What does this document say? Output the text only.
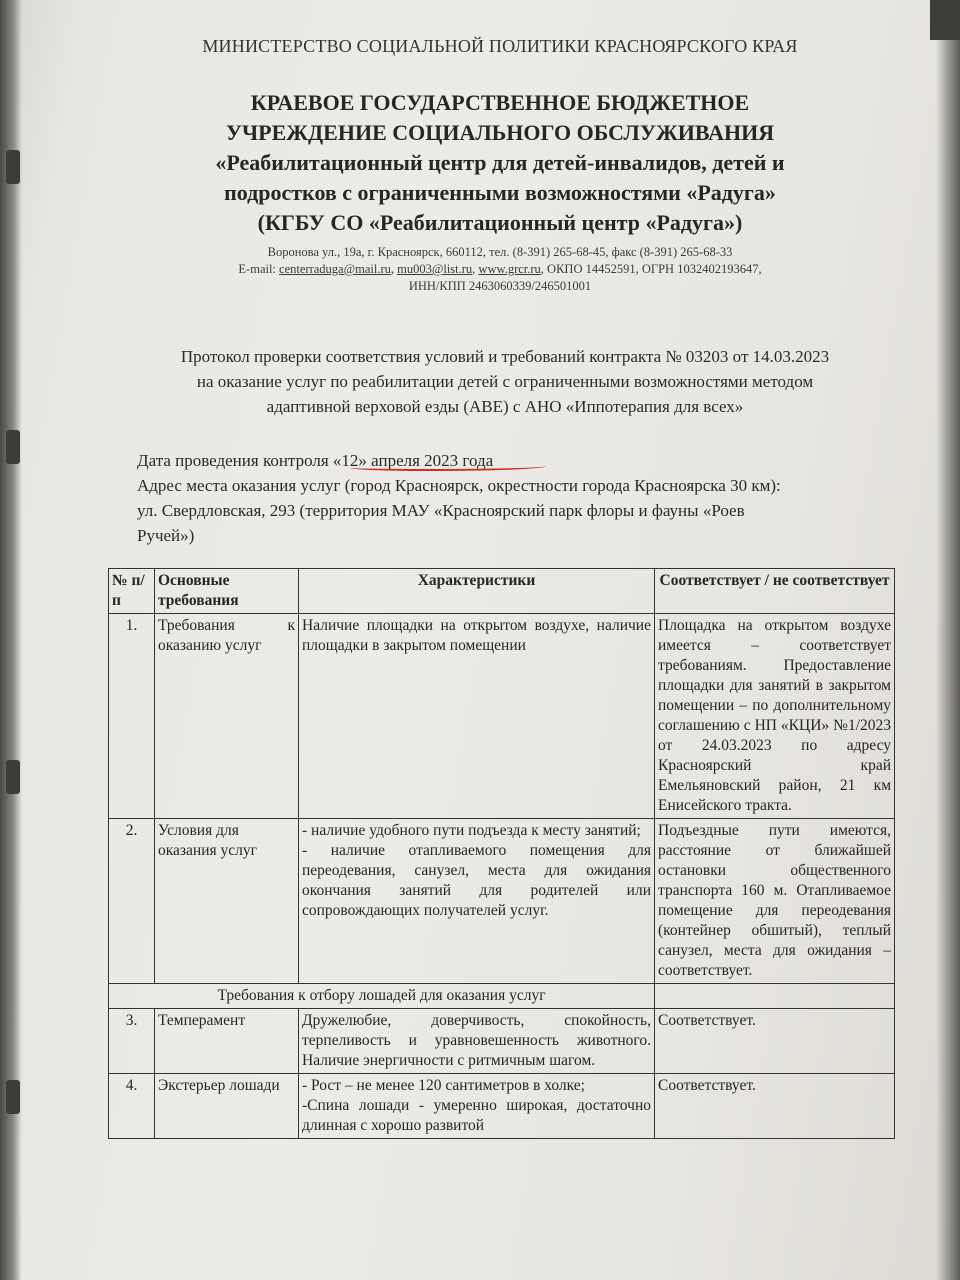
МИНИСТЕРСТВО СОЦИАЛЬНОЙ ПОЛИТИКИ КРАСНОЯРСКОГО КРАЯ
КРАЕВОЕ ГОСУДАРСТВЕННОЕ БЮДЖЕТНОЕ
УЧРЕЖДЕНИЕ СОЦИАЛЬНОГО ОБСЛУЖИВАНИЯ
«Реабилитационный центр для детей-инвалидов, детей и
подростков с ограниченными возможностями «Радуга»
(КГБУ СО «Реабилитационный центр «Радуга»)
Воронова ул., 19а, г. Красноярск, 660112, тел. (8-391) 265-68-45, факс (8-391) 265-68-33
E-mail: centerraduga@mail.ru, mu003@list.ru, www.grcr.ru, ОКПО 14452591, ОГРН 1032402193647,
ИНН/КПП 2463060339/246501001
Протокол проверки соответствия условий и требований контракта № 03203 от 14.03.2023
на оказание услуг по реабилитации детей с ограниченными возможностями методом
адаптивной верховой езды (АВЕ) с АНО «Иппотерапия для всех»
Дата проведения контроля «12» апреля 2023 года
Адрес места оказания услуг (город Красноярск, окрестности города Красноярска 30 км):
ул. Свердловская, 293 (территория МАУ «Красноярский парк флоры и фауны «Роев
Ручей»)
№ п/п	Основные требования	Характеристики	Соответствует / не соответствует
1.	Требования к оказанию услуг	Наличие площадки на открытом воздухе, наличие площадки в закрытом помещении	Площадка на открытом воздухе имеется – соответствует требованиям. Предоставление площадки для занятий в закрытом помещении – по дополнительному соглашению с НП «КЦИ» №1/2023 от 24.03.2023 по адресу Красноярский край Емельяновский район, 21 км Енисейского тракта.
2.	Условия для оказания услуг	- наличие удобного пути подъезда к месту занятий;
- наличие отапливаемого помещения для переодевания, санузел, места для ожидания окончания занятий для родителей или сопровождающих получателей услуг.	Подъездные пути имеются, расстояние от ближайшей остановки общественного транспорта 160 м. Отапливаемое помещение для переодевания (контейнер обшитый), теплый санузел, места для ожидания – соответствует.
Требования к отбору лошадей для оказания услуг			
3.	Темперамент	Дружелюбие, доверчивость, спокойность, терпеливость и уравновешенность животного. Наличие энергичности с ритмичным шагом.	Соответствует.
4.	Экстерьер лошади	- Рост – не менее 120 сантиметров в холке;
-Спина лошади - умеренно широкая, достаточно длинная с хорошо развитой	Соответствует.
